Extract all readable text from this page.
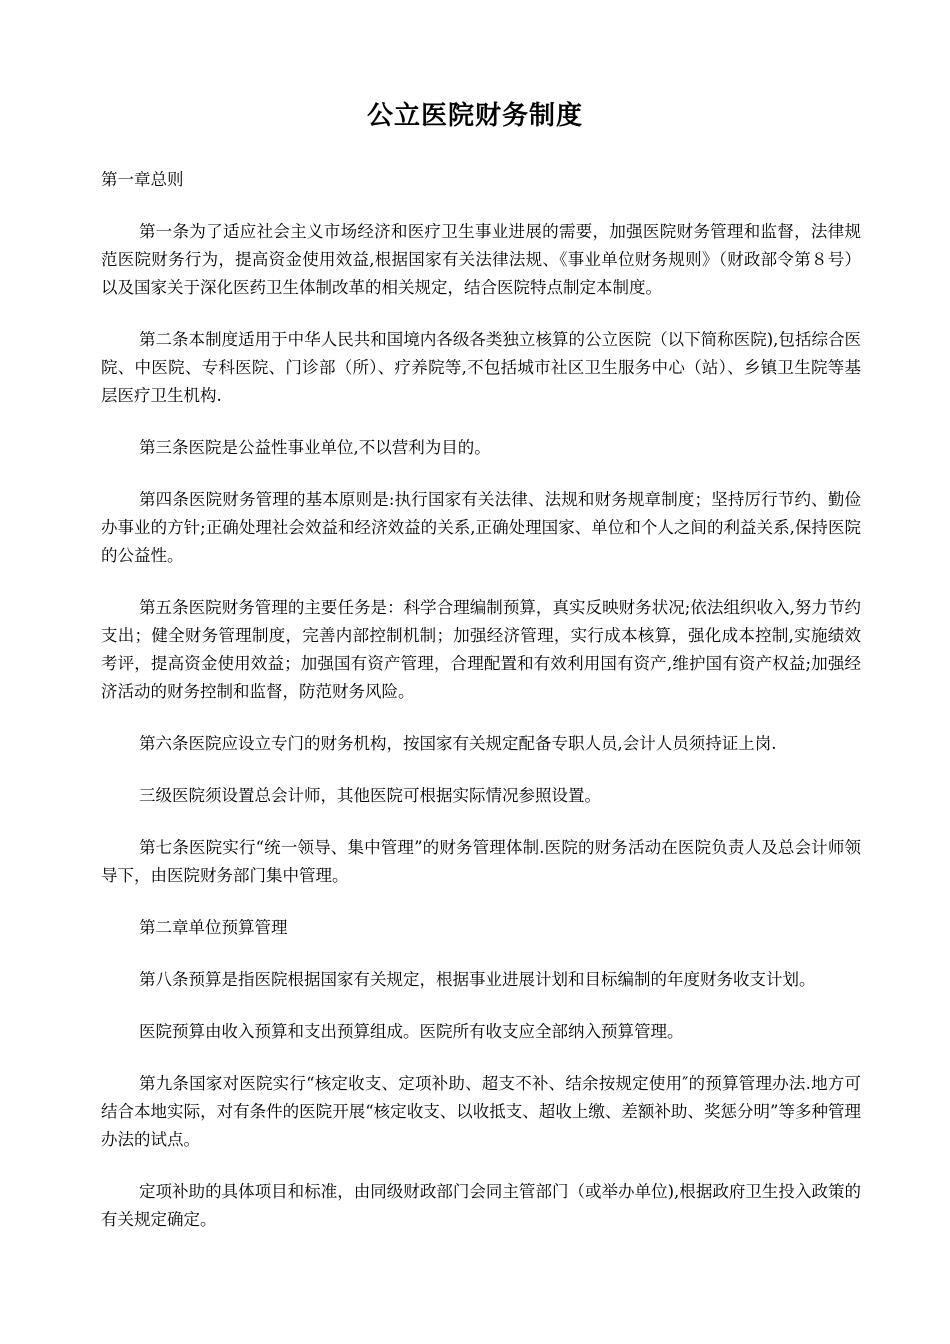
公立医院财务制度

第一章总则

第一条为了适应社会主义市场经济和医疗卫生事业进展的需要，加强医院财务管理和监督，法律规范医院财务行为，提高资金使用效益,根据国家有关法律法规、《事业单位财务规则》（财政部令第８号）以及国家关于深化医药卫生体制改革的相关规定，结合医院特点制定本制度。

第二条本制度适用于中华人民共和国境内各级各类独立核算的公立医院（以下简称医院),包括综合医院、中医院、专科医院、门诊部（所）、疗养院等,不包括城市社区卫生服务中心（站）、乡镇卫生院等基层医疗卫生机构.

第三条医院是公益性事业单位,不以营利为目的。

第四条医院财务管理的基本原则是:执行国家有关法律、法规和财务规章制度；坚持厉行节约、勤俭办事业的方针;正确处理社会效益和经济效益的关系,正确处理国家、单位和个人之间的利益关系,保持医院的公益性。

第五条医院财务管理的主要任务是：科学合理编制预算，真实反映财务状况;依法组织收入,努力节约支出；健全财务管理制度，完善内部控制机制；加强经济管理，实行成本核算，强化成本控制,实施绩效考评，提高资金使用效益；加强国有资产管理，合理配置和有效利用国有资产,维护国有资产权益;加强经济活动的财务控制和监督，防范财务风险。

第六条医院应设立专门的财务机构，按国家有关规定配备专职人员,会计人员须持证上岗.

三级医院须设置总会计师，其他医院可根据实际情况参照设置。

第七条医院实行“统一领导、集中管理”的财务管理体制.医院的财务活动在医院负责人及总会计师领导下，由医院财务部门集中管理。

第二章单位预算管理

第八条预算是指医院根据国家有关规定，根据事业进展计划和目标编制的年度财务收支计划。

医院预算由收入预算和支出预算组成。医院所有收支应全部纳入预算管理。

第九条国家对医院实行“核定收支、定项补助、超支不补、结余按规定使用″的预算管理办法.地方可结合本地实际，对有条件的医院开展“核定收支、以收抵支、超收上缴、差额补助、奖惩分明”等多种管理办法的试点。

定项补助的具体项目和标准，由同级财政部门会同主管部门（或举办单位),根据政府卫生投入政策的有关规定确定。
